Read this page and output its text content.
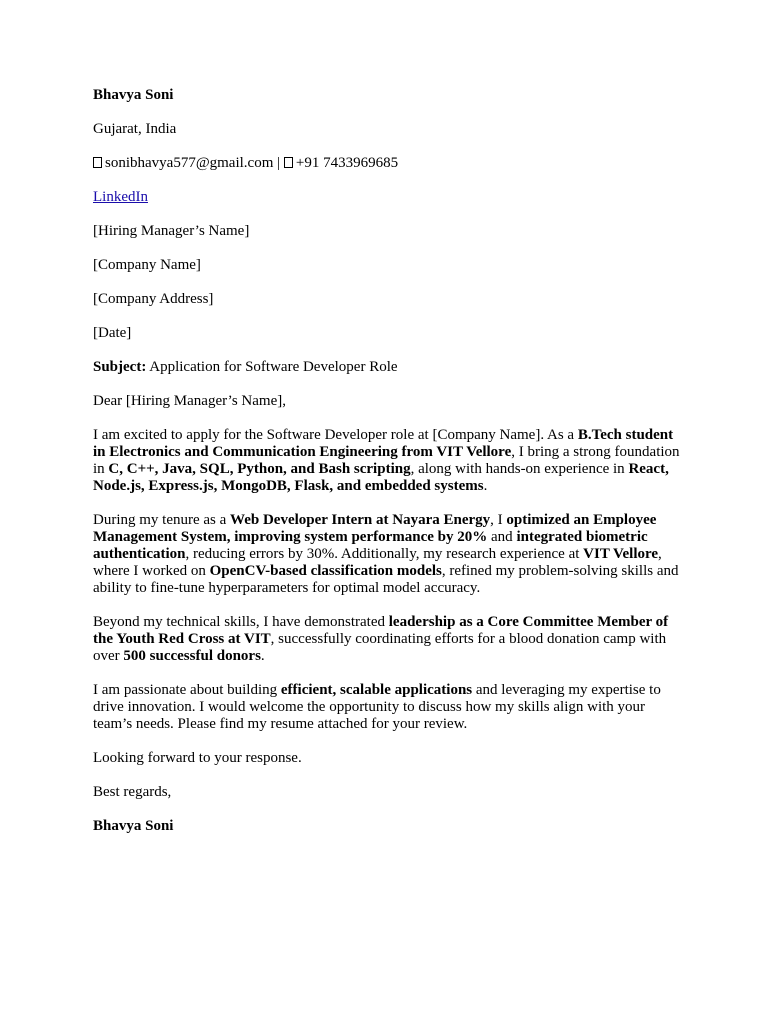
Bhavya Soni
Gujarat, India
sonibhavya577@gmail.com | +91 7433969685
LinkedIn
[Hiring Manager’s Name]
[Company Name]
[Company Address]
[Date]
Subject: Application for Software Developer Role
Dear [Hiring Manager’s Name],
I am excited to apply for the Software Developer role at [Company Name]. As a B.Tech student in Electronics and Communication Engineering from VIT Vellore, I bring a strong foundation in C, C++, Java, SQL, Python, and Bash scripting, along with hands-on experience in React, Node.js, Express.js, MongoDB, Flask, and embedded systems.
During my tenure as a Web Developer Intern at Nayara Energy, I optimized an Employee Management System, improving system performance by 20% and integrated biometric authentication, reducing errors by 30%. Additionally, my research experience at VIT Vellore, where I worked on OpenCV-based classification models, refined my problem-solving skills and ability to fine-tune hyperparameters for optimal model accuracy.
Beyond my technical skills, I have demonstrated leadership as a Core Committee Member of the Youth Red Cross at VIT, successfully coordinating efforts for a blood donation camp with over 500 successful donors.
I am passionate about building efficient, scalable applications and leveraging my expertise to drive innovation. I would welcome the opportunity to discuss how my skills align with your team’s needs. Please find my resume attached for your review.
Looking forward to your response.
Best regards,
Bhavya Soni
